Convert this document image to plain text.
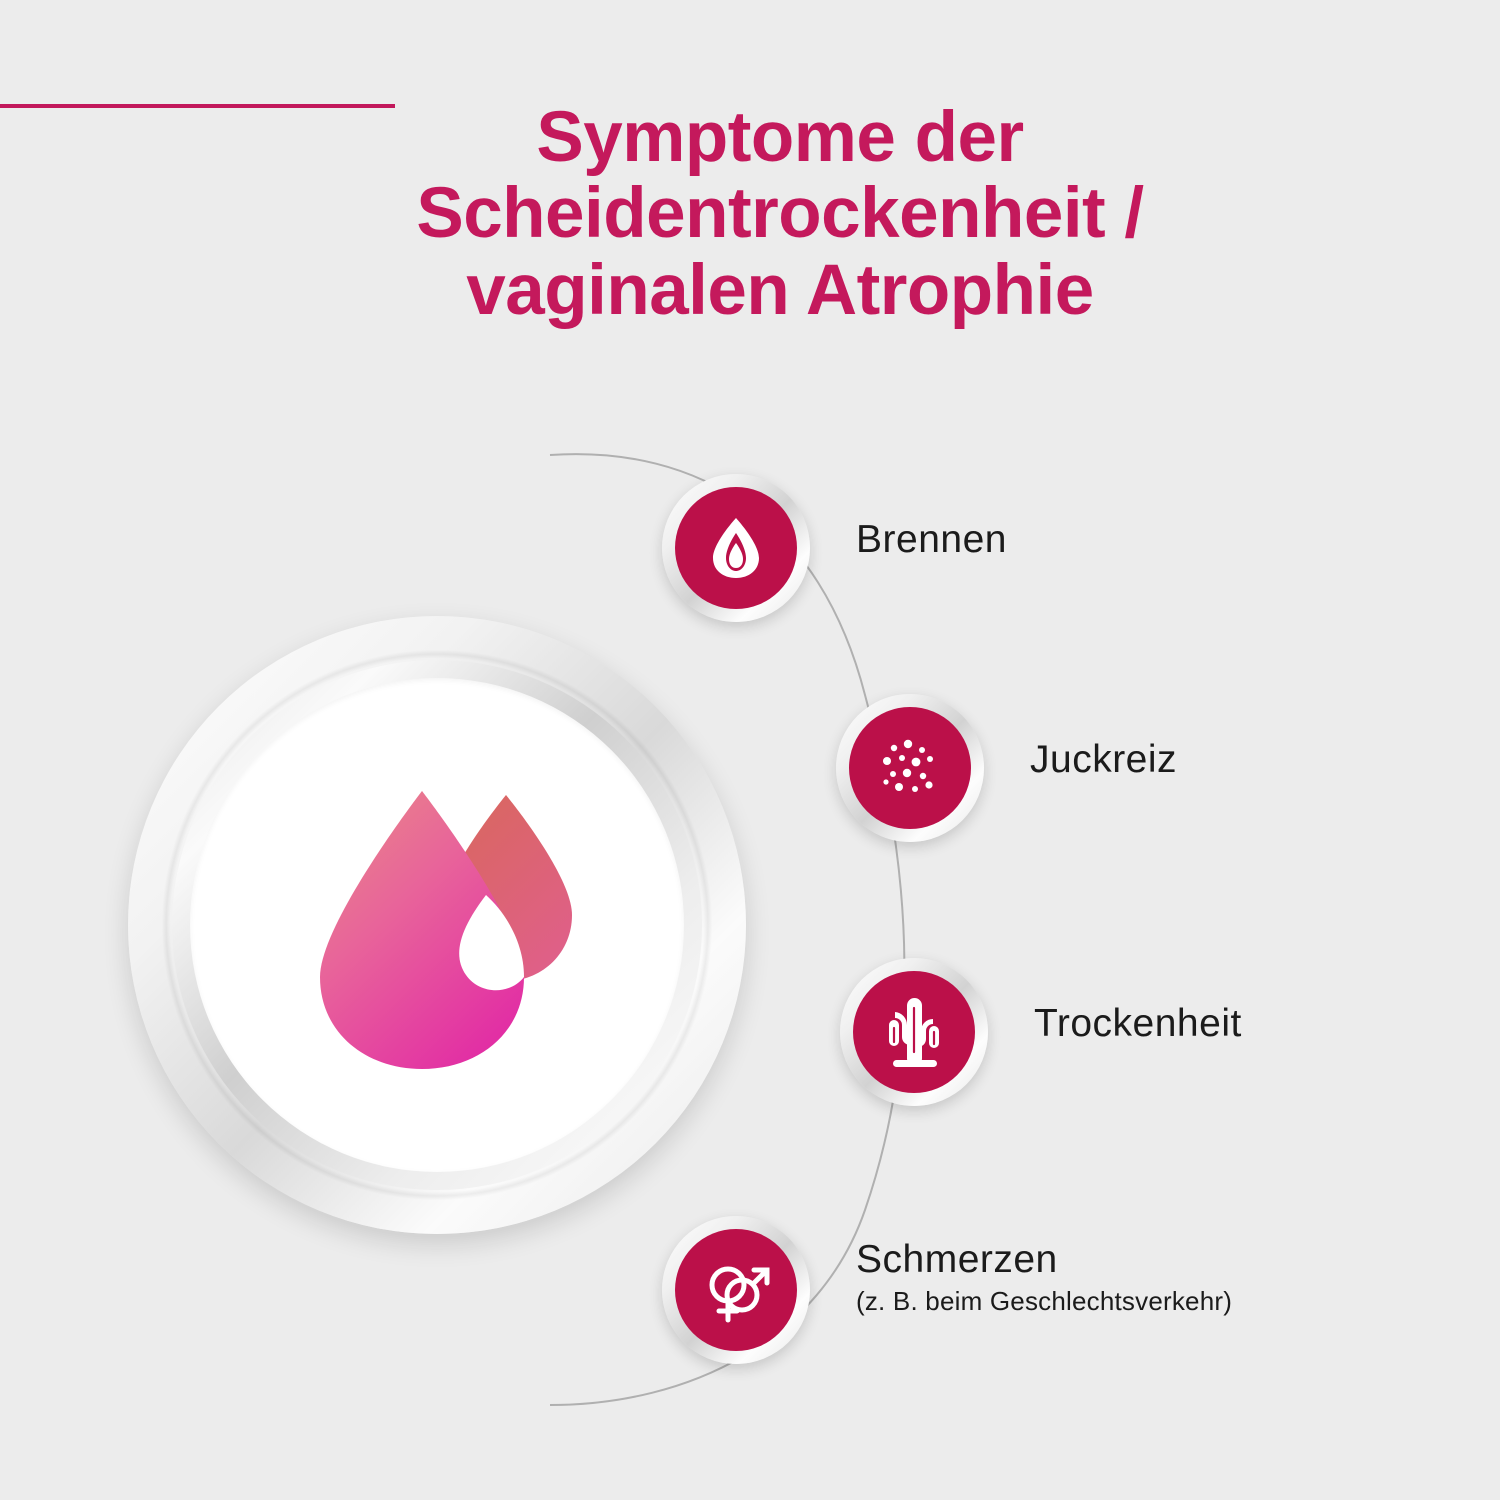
Symptome der Scheidentrockenheit / vaginalen Atrophie
Brennen
Juckreiz
Trockenheit
Schmerzen
(z. B. beim Geschlechtsverkehr)
